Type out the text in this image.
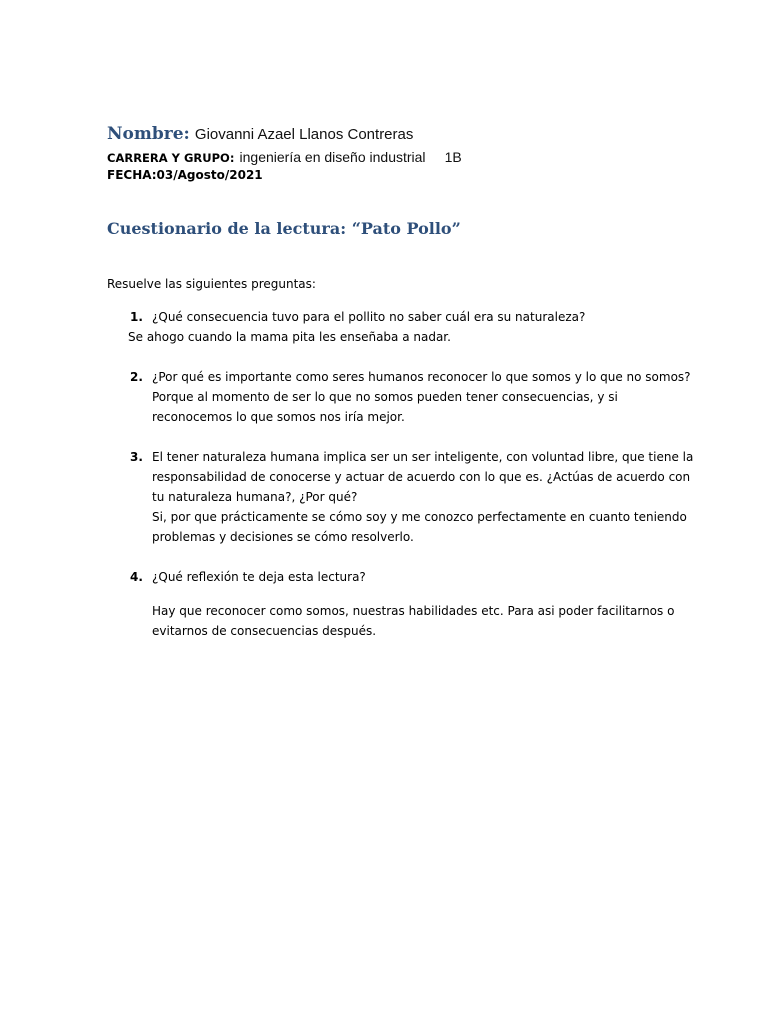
Nombre: Giovanni Azael Llanos Contreras
CARRERA Y GRUPO: ingeniería en diseño industrial 1B
FECHA:03/Agosto/2021
Cuestionario de la lectura: “Pato Pollo”
Resuelve las siguientes preguntas:
1. ¿Qué consecuencia tuvo para el pollito no saber cuál era su naturaleza?
Se ahogo cuando la mama pita les enseñaba a nadar.
2. ¿Por qué es importante como seres humanos reconocer lo que somos y lo que no somos?
Porque al momento de ser lo que no somos pueden tener consecuencias, y si
reconocemos lo que somos nos iría mejor.
3. El tener naturaleza humana implica ser un ser inteligente, con voluntad libre, que tiene la
responsabilidad de conocerse y actuar de acuerdo con lo que es. ¿Actúas de acuerdo con
tu naturaleza humana?, ¿Por qué?
Si, por que prácticamente se cómo soy y me conozco perfectamente en cuanto teniendo
problemas y decisiones se cómo resolverlo.
4. ¿Qué reflexión te deja esta lectura?
Hay que reconocer como somos, nuestras habilidades etc. Para asi poder facilitarnos o
evitarnos de consecuencias después.
